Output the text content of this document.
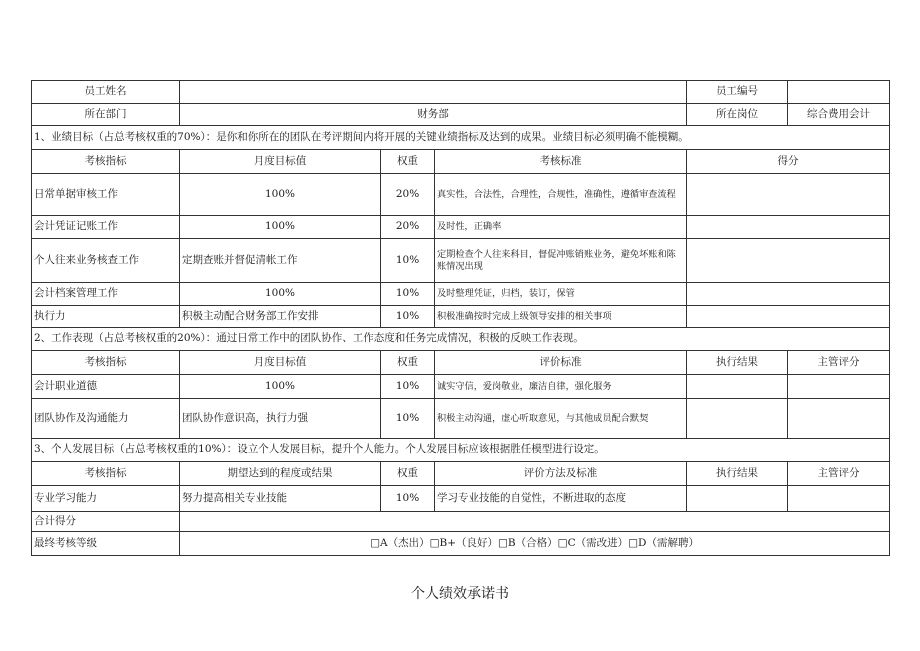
员工姓名				员工编号	
所在部门	财务部			所在岗位	综合费用会计
1、业绩目标（占总考核权重的70%）：是你和你所在的团队在考评期间内将开展的关键业绩指标及达到的成果。业绩目标必须明确不能模糊。					
考核指标	月度目标值	权重	考核标准	得分	
日常单据审核工作	100%	20%	真实性，合法性，合理性，合规性，准确性，遵循审查流程		
会计凭证记账工作	100%	20%	及时性，正确率		
个人往来业务核查工作	定期查账并督促清帐工作	10%	定期检查个人往来科目，督促冲账销账业务，避免坏账和陈账情况出现		
会计档案管理工作	100%	10%	及时整理凭证，归档，装订，保管		
执行力	积极主动配合财务部工作安排	10%	积极准确按时完成上级领导安排的相关事项		
2、工作表现（占总考核权重的20%）：通过日常工作中的团队协作、工作态度和任务完成情况，积极的反映工作表现。					
考核指标	月度目标值	权重	评价标准	执行结果	主管评分
会计职业道德	100%	10%	诚实守信，爱岗敬业，廉洁自律，强化服务		
团队协作及沟通能力	团队协作意识高，执行力强	10%	积极主动沟通，虚心听取意见，与其他成员配合默契		
3、个人发展目标（占总考核权重的10%）：设立个人发展目标，提升个人能力。个人发展目标应该根据胜任模型进行设定。					
考核指标	期望达到的程度或结果	权重	评价方法及标准	执行结果	主管评分
专业学习能力	努力提高相关专业技能	10%	学习专业技能的自觉性，不断进取的态度		
合计得分					
最终考核等级	□A（杰出）□B+（良好）□B（合格）□C（需改进）□D（需解聘）				
个人绩效承诺书
